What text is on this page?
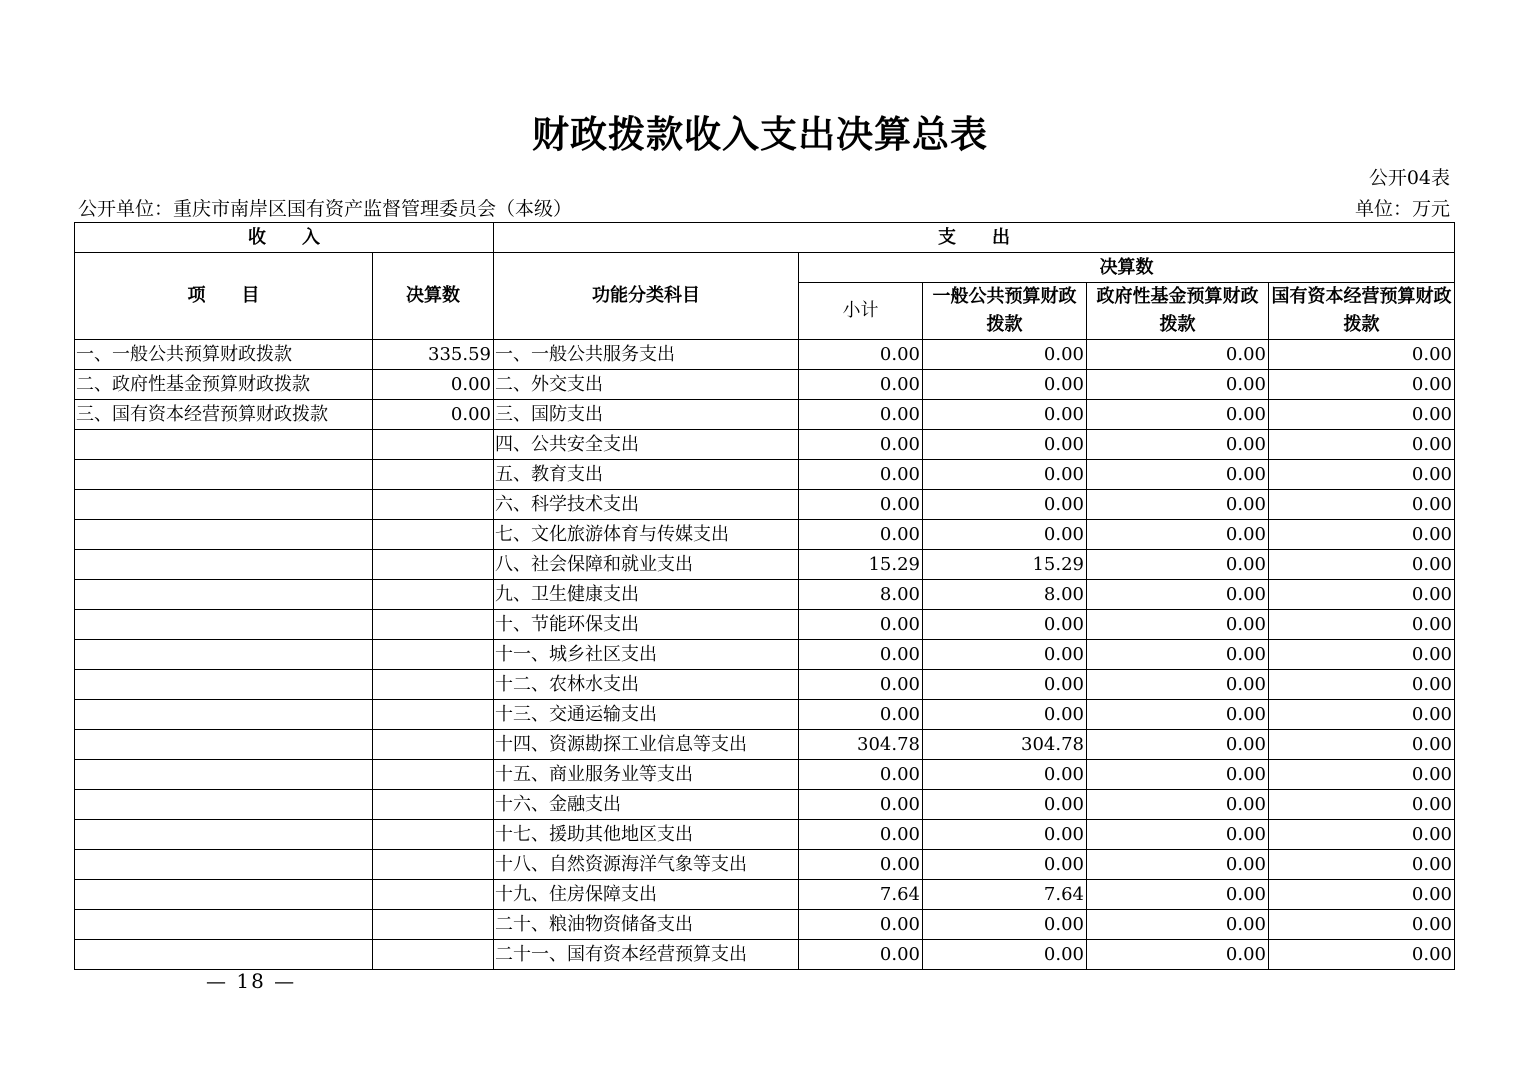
财政拨款收入支出决算总表
公开04表
公开单位：重庆市南岸区国有资产监督管理委员会（本级）	单位：万元
收　　入		支　　出				
项　　目	决算数	功能分类科目	决算数			
			小计	一般公共预算财政拨款	政府性基金预算财政拨款	国有资本经营预算财政拨款

一、一般公共预算财政拨款	335.59	一、一般公共服务支出	0.00	0.00	0.00	0.00
二、政府性基金预算财政拨款	0.00	二、外交支出	0.00	0.00	0.00	0.00
三、国有资本经营预算财政拨款	0.00	三、国防支出	0.00	0.00	0.00	0.00
		四、公共安全支出	0.00	0.00	0.00	0.00
		五、教育支出	0.00	0.00	0.00	0.00
		六、科学技术支出	0.00	0.00	0.00	0.00
		七、文化旅游体育与传媒支出	0.00	0.00	0.00	0.00
		八、社会保障和就业支出	15.29	15.29	0.00	0.00
		九、卫生健康支出	8.00	8.00	0.00	0.00
		十、节能环保支出	0.00	0.00	0.00	0.00
		十一、城乡社区支出	0.00	0.00	0.00	0.00
		十二、农林水支出	0.00	0.00	0.00	0.00
		十三、交通运输支出	0.00	0.00	0.00	0.00
		十四、资源勘探工业信息等支出	304.78	304.78	0.00	0.00
		十五、商业服务业等支出	0.00	0.00	0.00	0.00
		十六、金融支出	0.00	0.00	0.00	0.00
		十七、援助其他地区支出	0.00	0.00	0.00	0.00
		十八、自然资源海洋气象等支出	0.00	0.00	0.00	0.00
		十九、住房保障支出	7.64	7.64	0.00	0.00
		二十、粮油物资储备支出	0.00	0.00	0.00	0.00
		二十一、国有资本经营预算支出	0.00	0.00	0.00	0.00
— 18 —
